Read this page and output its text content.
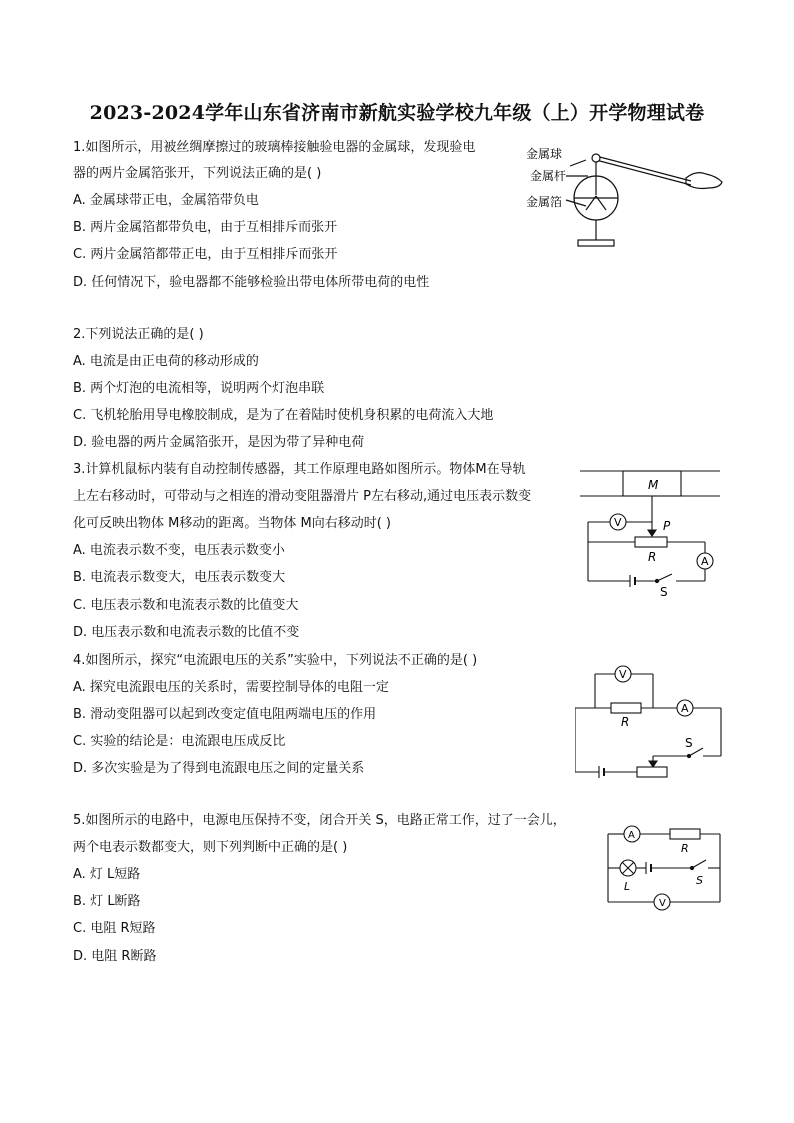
2023-2024学年山东省济南市新航实验学校九年级（上）开学物理试卷
1.如图所示，用被丝绸摩擦过的玻璃棒接触验电器的金属球，发现验电
器的两片金属箔张开，下列说法正确的是( )
A. 金属球带正电，金属箔带负电
B. 两片金属箔都带负电，由于互相排斥而张开
C. 两片金属箔都带正电，由于互相排斥而张开
D. 任何情况下，验电器都不能够检验出带电体所带电荷的电性
金属球
金属杆
金属箔
2.下列说法正确的是( )
A. 电流是由正电荷的移动形成的
B. 两个灯泡的电流相等，说明两个灯泡串联
C. 飞机轮胎用导电橡胶制成，是为了在着陆时使机身积累的电荷流入大地
D. 验电器的两片金属箔张开，是因为带了异种电荷
3.计算机鼠标内装有自动控制传感器，其工作原理电路如图所示。物体M在导轨
上左右移动时，可带动与之相连的滑动变阻器滑片 P左右移动,通过电压表示数变
化可反映出物体 M移动的距离。当物体 M向右移动时( )
A. 电流表示数不变，电压表示数变小
B. 电流表示数变大，电压表示数变大
C. 电压表示数和电流表示数的比值变大
D. 电压表示数和电流表示数的比值不变
M
V	P
R	A
S
4.如图所示，探究“电流跟电压的关系”实验中，下列说法不正确的是( )
A. 探究电流跟电压的关系时，需要控制导体的电阻一定
B. 滑动变阻器可以起到改变定值电阻两端电压的作用
C. 实验的结论是：电流跟电压成反比
D. 多次实验是为了得到电流跟电压之间的定量关系
V
R
A
S
5.如图所示的电路中，电源电压保持不变，闭合开关 S，电路正常工作，过了一会儿，
两个电表示数都变大，则下列判断中正确的是( )
A. 灯 L短路
B. 灯 L断路
C. 电阻 R短路
D. 电阻 R断路
A
R
L	S
V
